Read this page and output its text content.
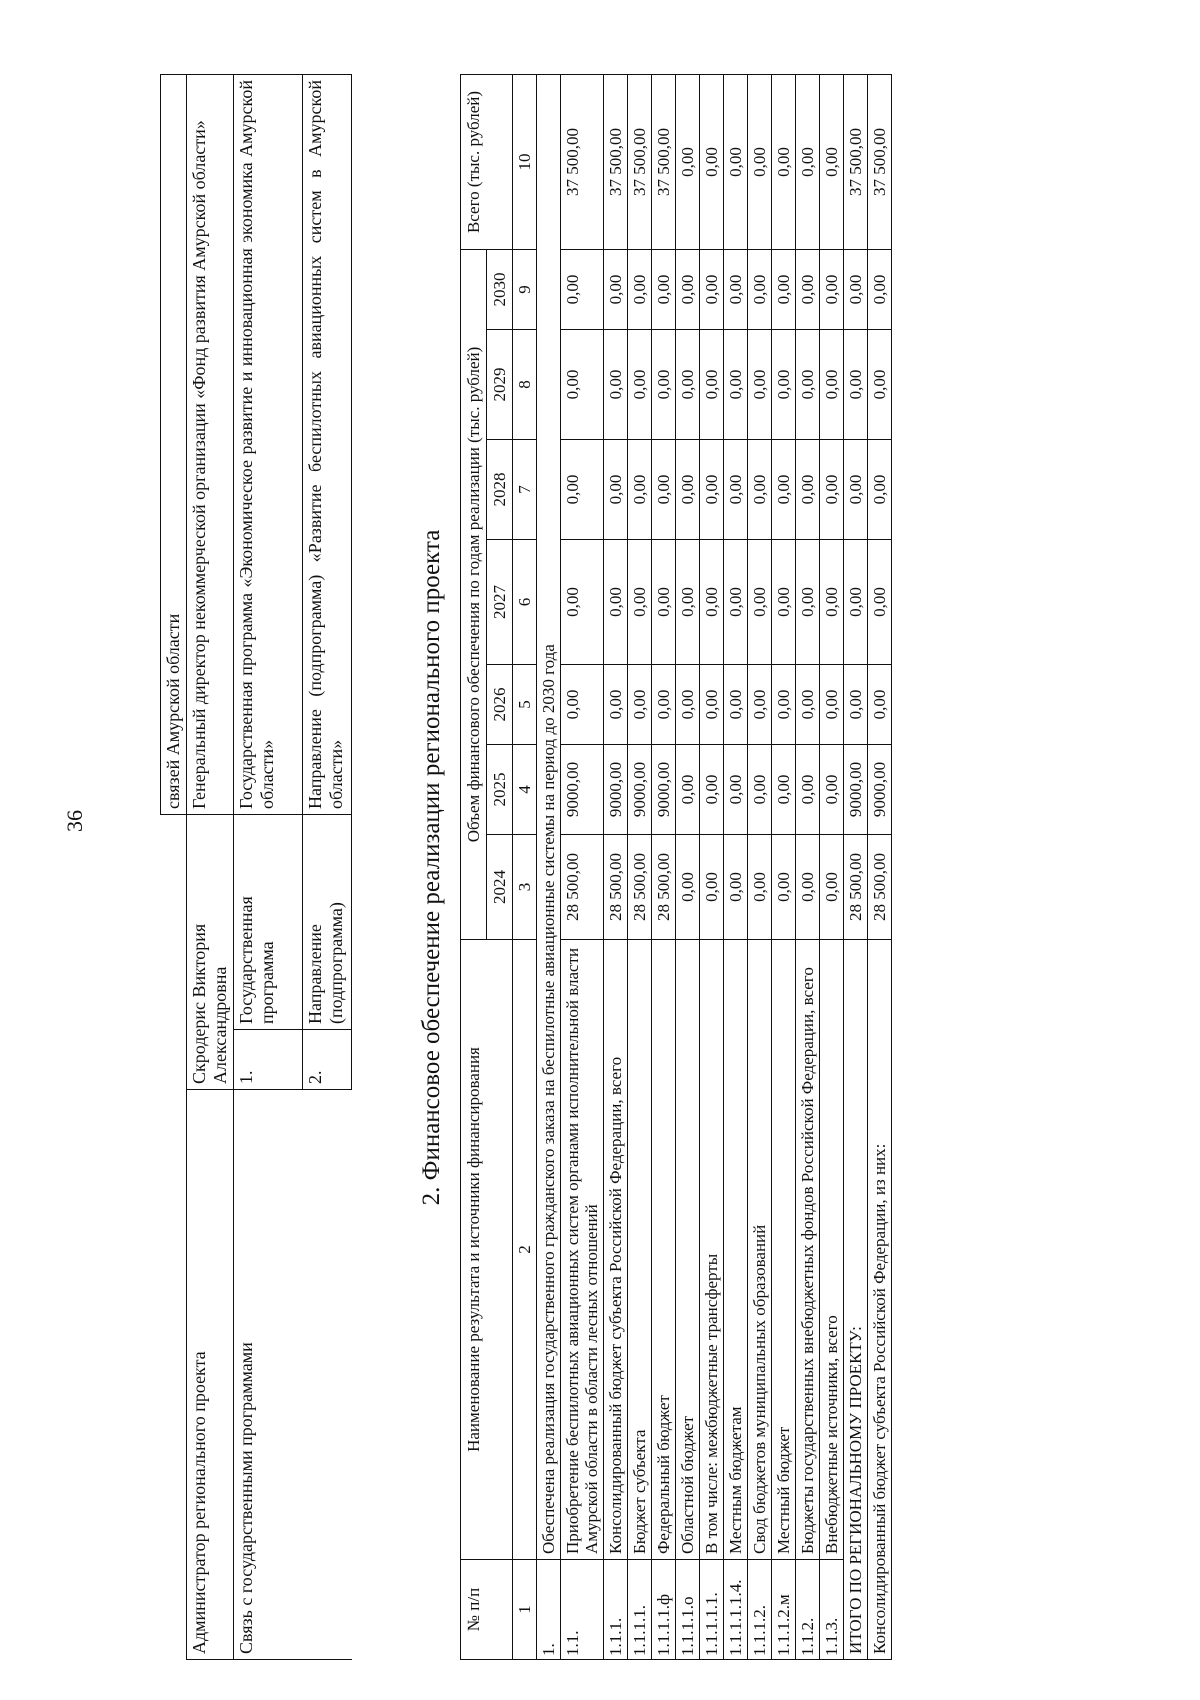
36
			связей Амурской области
Администратор регионального проекта	Скродерис Виктория Александровна		Генеральный директор некоммерческой организации «Фонд развития Амурской области»
Связь с государственными программами	1.	Государственная программа	Государственная программа «Экономическое развитие и инновационная экономика Амурской области»
	2.	Направление (подпрограмма)	Направление (подпрограмма) «Развитие беспилотных авиационных систем в Амурской области»	2. Финансовое обеспечение реализации регионального проекта
№ п/п	Наименование результата и источники финансирования	Объем финансового обеспечения по годам реализации (тыс. рублей)							Всего (тыс. рублей)
		2024	2025	2026	2027	2028	2029	2030	
1	2	3	4	5	6	7	8	9	10
1.	Обеспечена реализация государственного гражданского заказа на беспилотные авиационные системы на период до 2030 года								
1.1.	Приобретение беспилотных авиационных систем органами исполнительной власти Амурской области в области лесных отношений	28 500,00	9000,00	0,00	0,00	0,00	0,00	0,00	37 500,00
1.1.1.	Консолидированный бюджет субъекта Российской Федерации, всего	28 500,00	9000,00	0,00	0,00	0,00	0,00	0,00	37 500,00
1.1.1.1.	Бюджет субъекта	28 500,00	9000,00	0,00	0,00	0,00	0,00	0,00	37 500,00
1.1.1.1.ф	Федеральный бюджет	28 500,00	9000,00	0,00	0,00	0,00	0,00	0,00	37 500,00
1.1.1.1.о	Областной бюджет	0,00	0,00	0,00	0,00	0,00	0,00	0,00	0,00
1.1.1.1.1.	В том числе: межбюджетные трансферты	0,00	0,00	0,00	0,00	0,00	0,00	0,00	0,00
1.1.1.1.1.4.	Местным бюджетам	0,00	0,00	0,00	0,00	0,00	0,00	0,00	0,00
1.1.1.2.	Свод бюджетов муниципальных образований	0,00	0,00	0,00	0,00	0,00	0,00	0,00	0,00
1.1.1.2.м	Местный бюджет	0,00	0,00	0,00	0,00	0,00	0,00	0,00	0,00
1.1.2.	Бюджеты государственных внебюджетных фондов Российской Федерации, всего	0,00	0,00	0,00	0,00	0,00	0,00	0,00	0,00
1.1.3.	Внебюджетные источники, всего	0,00	0,00	0,00	0,00	0,00	0,00	0,00	0,00
ИТОГО ПО РЕГИОНАЛЬНОМУ ПРОЕКТУ:		28 500,00	9000,00	0,00	0,00	0,00	0,00	0,00	37 500,00
Консолидированный бюджет субъекта Российской Федерации, из них:		28 500,00	9000,00	0,00	0,00	0,00	0,00	0,00	37 500,00
